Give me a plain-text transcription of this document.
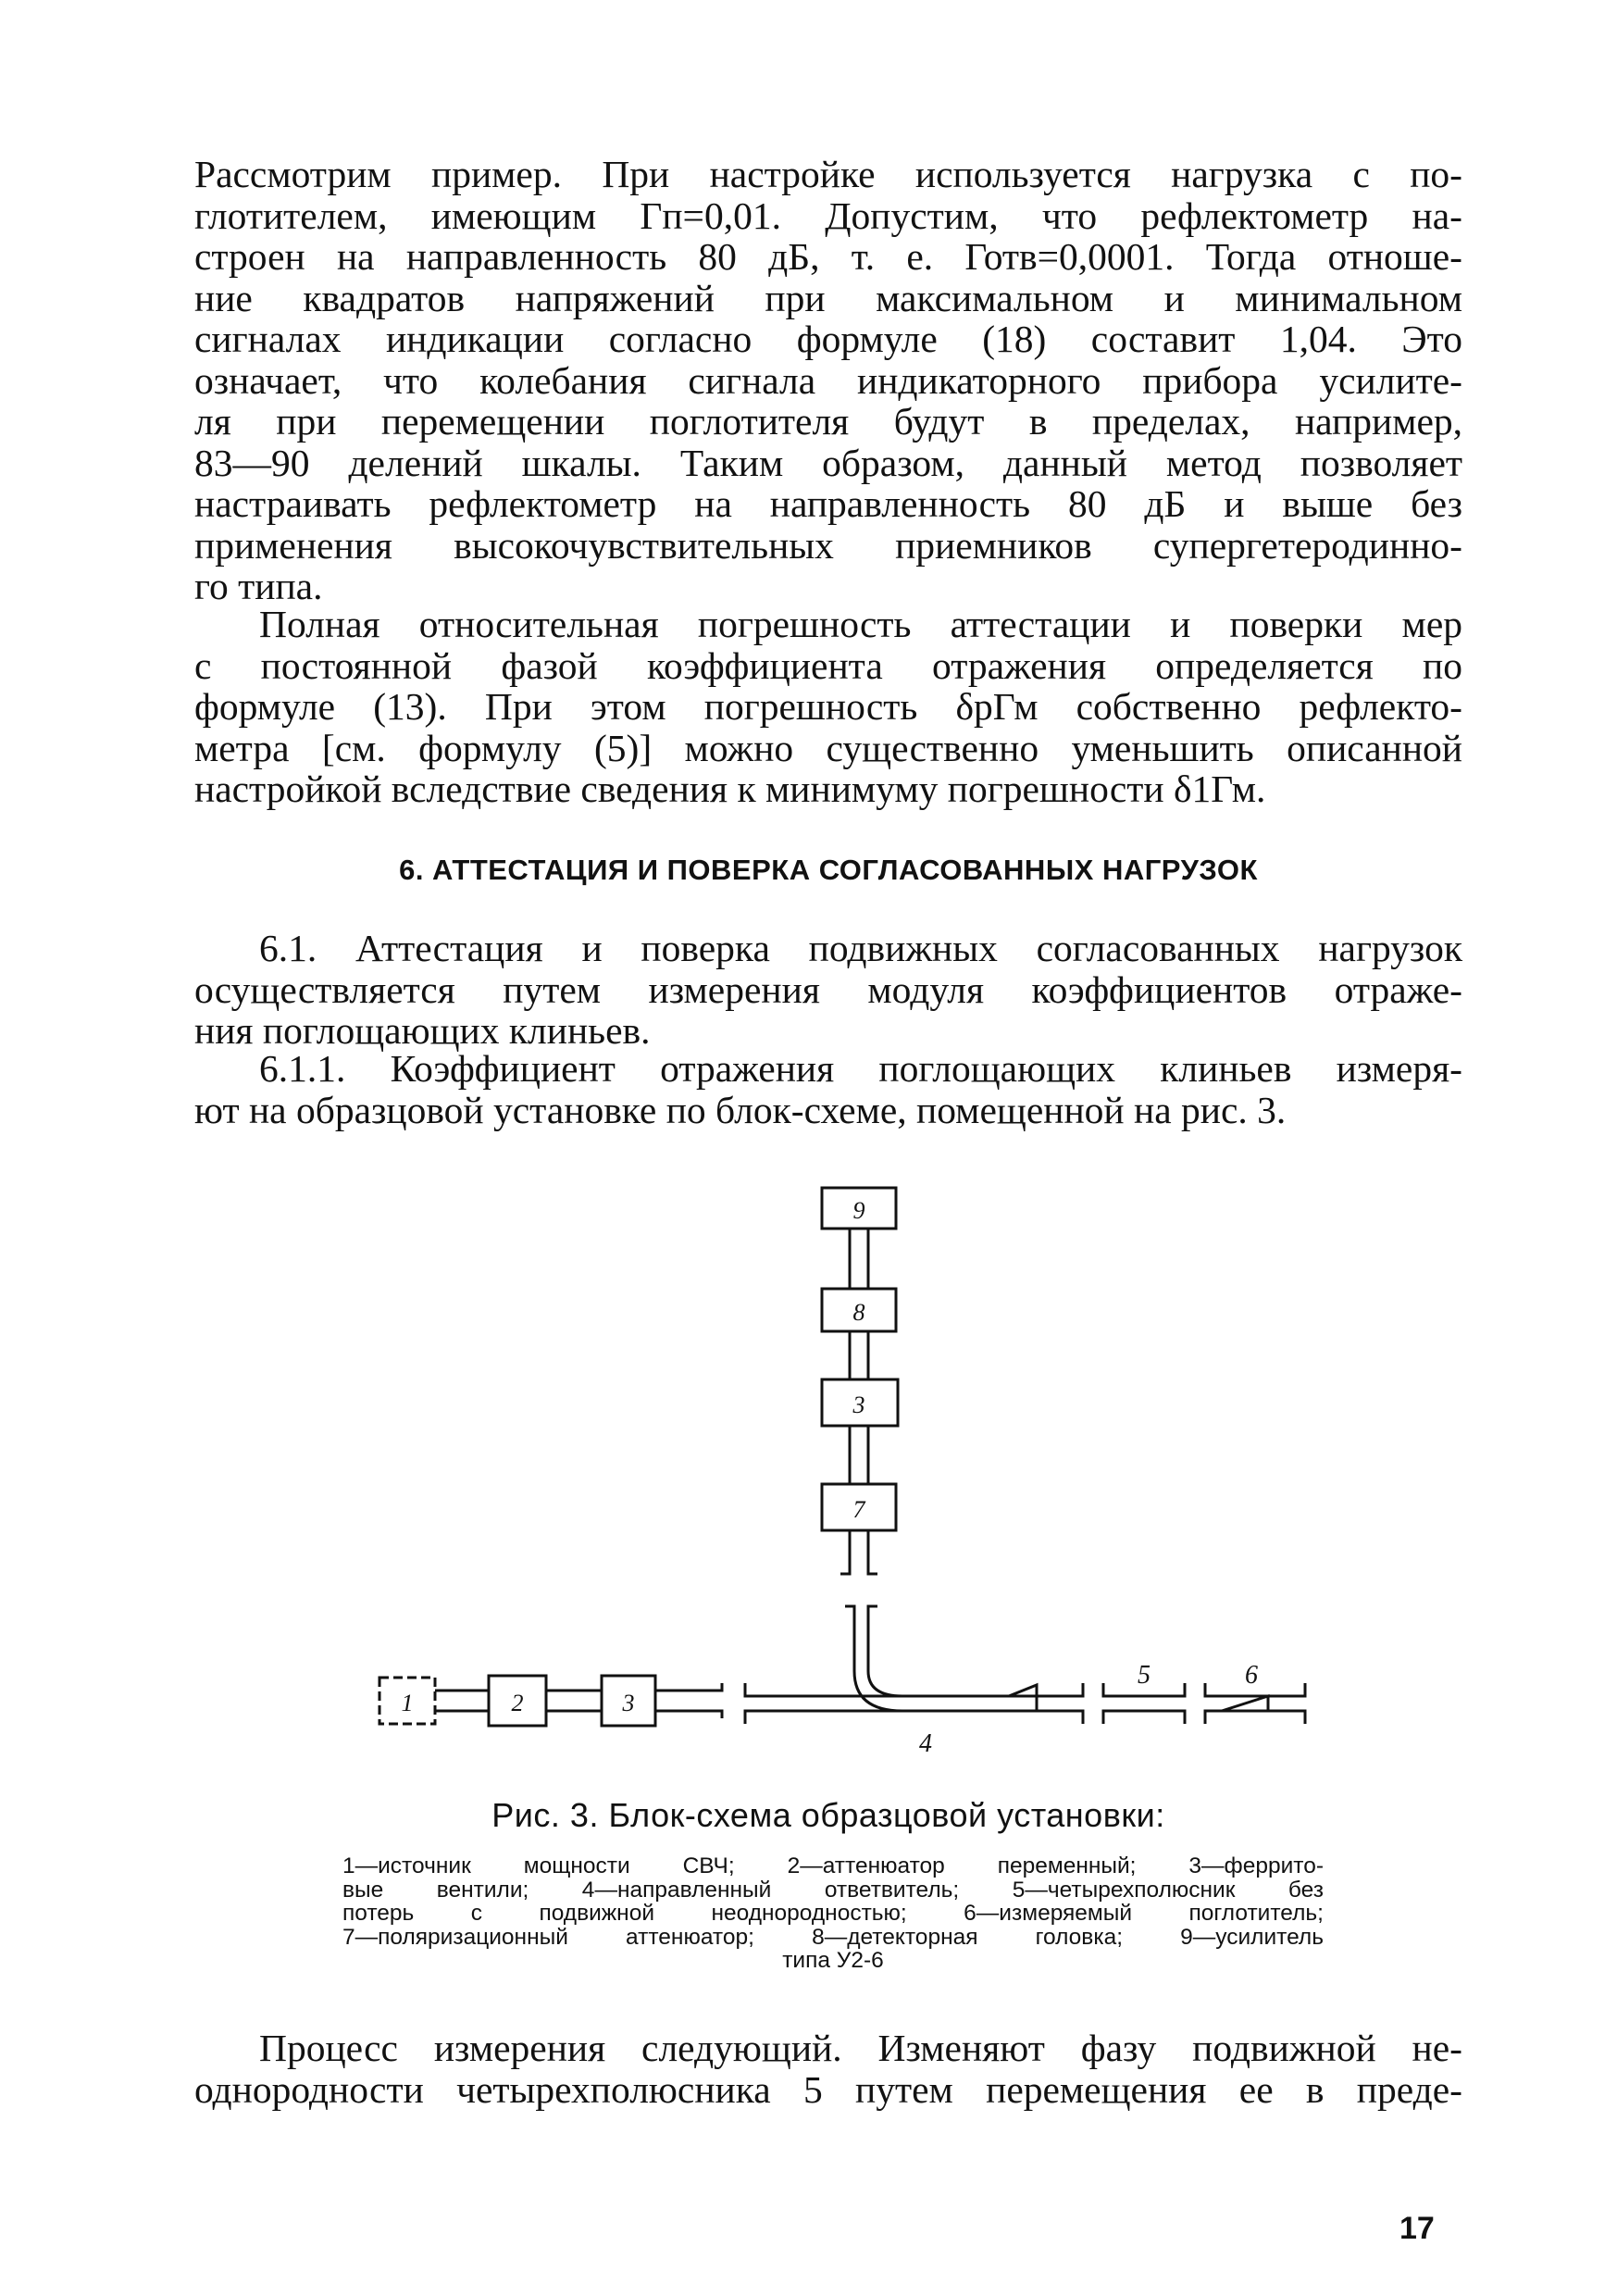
Рассмотрим пример. При настройке используется нагрузка с по-
глотителем, имеющим Гп=0,01. Допустим, что рефлектометр на-
строен на направленность 80 дБ, т. е. Готв=0,0001. Тогда отноше-
ние квадратов напряжений при максимальном и минимальном
сигналах индикации согласно формуле (18) составит 1,04. Это
означает, что колебания сигнала индикаторного прибора усилите-
ля при перемещении поглотителя будут в пределах, например,
83—90 делений шкалы. Таким образом, данный метод позволяет
настраивать рефлектометр на направленность 80 дБ и выше без
применения высокочувствительных приемников супергетеродинно-
го типа.
Полная относительная погрешность аттестации и поверки мер
с постоянной фазой коэффициента отражения определяется по
формуле (13). При этом погрешность δрГм собственно рефлекто-
метра [см. формулу (5)] можно существенно уменьшить описанной
настройкой вследствие сведения к минимуму погрешности δ1Гм.
6. АТТЕСТАЦИЯ И ПОВЕРКА СОГЛАСОВАННЫХ НАГРУЗОК
6.1. Аттестация и поверка подвижных согласованных нагрузок
осуществляется путем измерения модуля коэффициентов отраже-
ния поглощающих клиньев.
6.1.1. Коэффициент отражения поглощающих клиньев измеря-
ют на образцовой установке по блок-схеме, помещенной на рис. 3.
9
8
3
7
1	2	3
4
5	6
Рис. 3. Блок-схема образцовой установки:
1—источник мощности СВЧ; 2—аттенюатор переменный; 3—феррито-
вые вентили; 4—направленный ответвитель; 5—четырехполюсник без
потерь с подвижной неоднородностью; 6—измеряемый поглотитель;
7—поляризационный аттенюатор; 8—детекторная головка; 9—усилитель
типа У2-6
Процесс измерения следующий. Изменяют фазу подвижной не-
однородности четырехполюсника 5 путем перемещения ее в преде-
17
